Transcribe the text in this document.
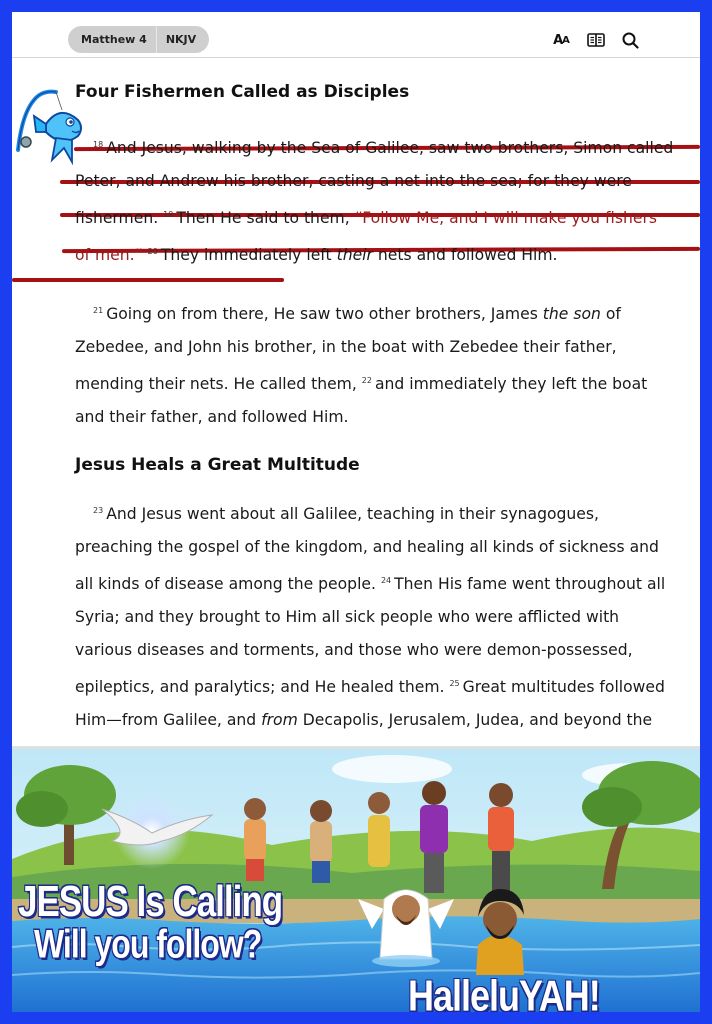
Matthew 4	NKJV	A A
Four Fishermen Called as Disciples

$^{18}$ And Jesus, walking by the Sea of Galilee, saw two brothers, Simon called Peter, and Andrew his brother, casting a net into the sea; for they were fishermen. $^{19}$ Then He said to them, “Follow Me, and I will make you fishers of men.” $^{20}$ They immediately left their nets and followed Him.

$^{21}$ Going on from there, He saw two other brothers, James the son of Zebedee, and John his brother, in the boat with Zebedee their father, mending their nets. He called them, $^{22}$ and immediately they left the boat and their father, and followed Him.

Jesus Heals a Great Multitude

$^{23}$ And Jesus went about all Galilee, teaching in their synagogues, preaching the gospel of the kingdom, and healing all kinds of sickness and all kinds of disease among the people. $^{24}$ Then His fame went throughout all Syria; and they brought to Him all sick people who were afflicted with various diseases and torments, and those who were demon-possessed, epileptics, and paralytics; and He healed them. $^{25}$ Great multitudes followed Him—from Galilee, and from Decapolis, Jerusalem, Judea, and beyond the

JESUS Is Calling
Will you follow?
HalleluYAH!
